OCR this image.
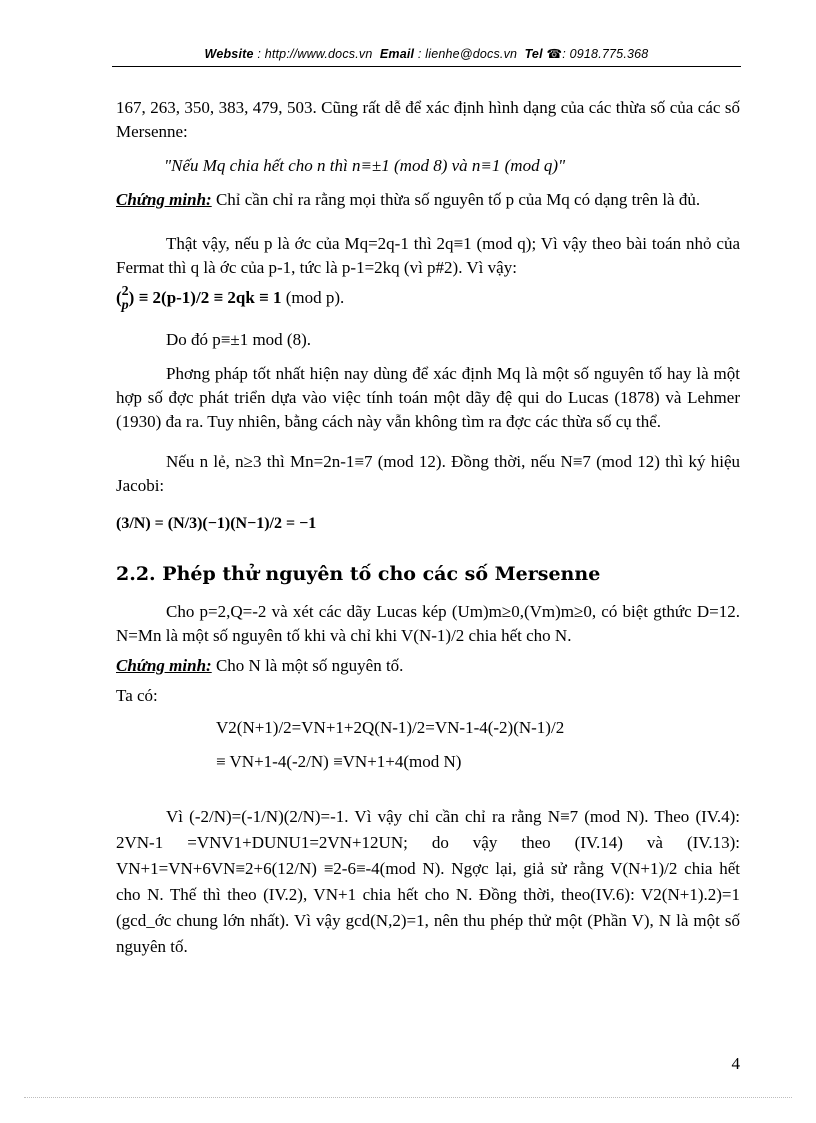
Website : http://www.docs.vn Email : lienhe@docs.vn Tel ☎: 0918.775.368

167, 263, 350, 383, 479, 503. Cũng rất dễ để xác định hình dạng của các thừa số của các số Mersenne:

"Nếu Mq chia hết cho n thì n≡±1 (mod 8) và n≡1 (mod q)"

Chứng minh: Chỉ cần chỉ ra rằng mọi thừa số nguyên tố p của Mq có dạng trên là đủ.

Thật vậy, nếu p là ớc của Mq=2q-1 thì 2q≡1 (mod q); Vì vậy theo bài toán nhỏ của Fermat thì q là ớc của p-1, tức là p-1=2kq (vì p#2). Vì vậy:

( 2
p ) ≡ 2(p-1)/2 ≡ 2qk ≡ 1 (mod p).

Do đó p≡±1 mod (8).

Phơng pháp tốt nhất hiện nay dùng để xác định Mq là một số nguyên tố hay là một hợp số đợc phát triển dựa vào việc tính toán một dãy đệ qui do Lucas (1878) và Lehmer (1930) đa ra. Tuy nhiên, bằng cách này vẫn không tìm ra đợc các thừa số cụ thể.

Nếu n lẻ, n≥3 thì Mn=2n-1≡7 (mod 12). Đồng thời, nếu N≡7 (mod 12) thì ký hiệu Jacobi:

(3/N) = (N/3)(−1)(N−1)/2 = −1

2.2. Phép thử nguyên tố cho các số Mersenne

Cho p=2,Q=-2 và xét các dãy Lucas kép (Um)m≥0,(Vm)m≥0, có biệt gthức D=12. N=Mn là một số nguyên tố khi và chỉ khi V(N-1)/2 chia hết cho N.

Chứng minh: Cho N là một số nguyên tố.

Ta có:

V2(N+1)/2=VN+1+2Q(N-1)/2=VN-1-4(-2)(N-1)/2

≡ VN+1-4(-2/N) ≡VN+1+4(mod N)

Vì (-2/N)=(-1/N)(2/N)=-1. Vì vậy chỉ cần chỉ ra rằng N≡7 (mod N). Theo (IV.4): 2VN-1 =VNV1+DUNU1=2VN+12UN; do vậy theo (IV.14) và (IV.13): VN+1=VN+6VN≡2+6(12/N) ≡2-6≡-4(mod N). Ngợc lại, giả sử rằng V(N+1)/2 chia hết cho N. Thế thì theo (IV.2), VN+1 chia hết cho N. Đồng thời, theo(IV.6): V2(N+1).2)=1 (gcd_ớc chung lớn nhất). Vì vậy gcd(N,2)=1, nên thu phép thử một (Phần V), N là một số nguyên tố.

4
